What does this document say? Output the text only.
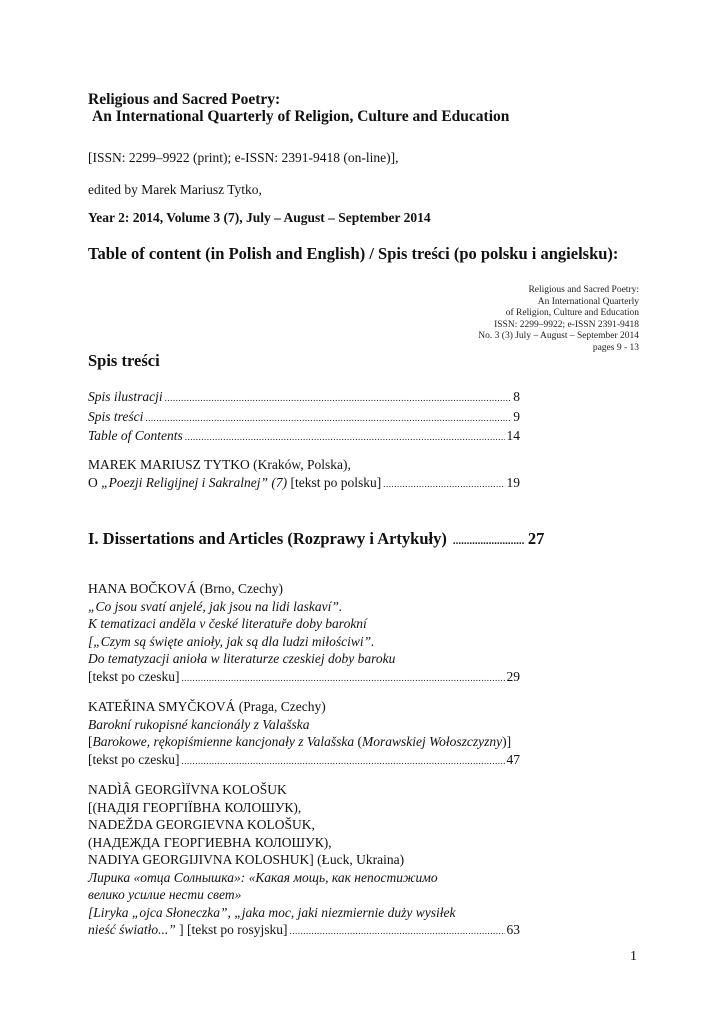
Religious and Sacred Poetry:
An International Quarterly of Religion, Culture and Education
[ISSN: 2299–9922 (print); e-ISSN: 2391-9418 (on-line)],
edited by Marek Mariusz Tytko,
Year 2: 2014, Volume 3 (7), July – August – September 2014
Table of content (in Polish and English) / Spis treści (po polsku i angielsku):
Religious and Sacred Poetry:
An International Quarterly
of Religion, Culture and Education
ISSN: 2299–9922; e-ISSN 2391-9418
No. 3 (3) July – August – September 2014
pages 9 - 13
Spis treści
Spis ilustracji .....	8
Spis treści .....	9
Table of Contents .....	14
MAREK MARIUSZ TYTKO (Kraków, Polska),
O „Poezji Religijnej i Sakralnej” (7) [tekst po polsku] .....	19
I. Dissertations and Articles (Rozprawy i Artykuły) .....	27
HANA BOČKOVÁ (Brno, Czechy)
„Co jsou svatí anjelé, jak jsou na lidi laskaví”.
K tematizaci anděla v české literatuře doby barokní
[„Czym są święte anioły, jak są dla ludzi miłościwi”.
Do tematyzacji anioła w literaturze czeskiej doby baroku
[tekst po czesku] .....	29
KATEŘINA SMYČKOVÁ (Praga, Czechy)
Barokní rukopisné kancionály z Valašska
[Barokowe, rękopiśmienne kancjonały z Valašska (Morawskiej Wołoszczyzny)]
[tekst po czesku] .....	47
NADÌÂ GEORGÌÏVNA KOLOŠUK
[(НАДІЯ ГЕОРГІЇВНА КОЛОШУК),
NADEŽDA GEORGIEVNA KOLOŠUK,
(НАДЕЖДА ГЕОРГИЕВНА КОЛОШУК),
NADIYA GEORGIJIVNA KOLOSHUK] (Łuck, Ukraina)
Лирика «отца Солнышка»: «Какая мощь, как непостижимо
велико усилие нести свет»
[Liryka „ojca Słoneczka”, „jaka moc, jaki niezmiernie duży wysiłek
nieść światło...” ] [tekst po rosyjsku] .....	63
1
